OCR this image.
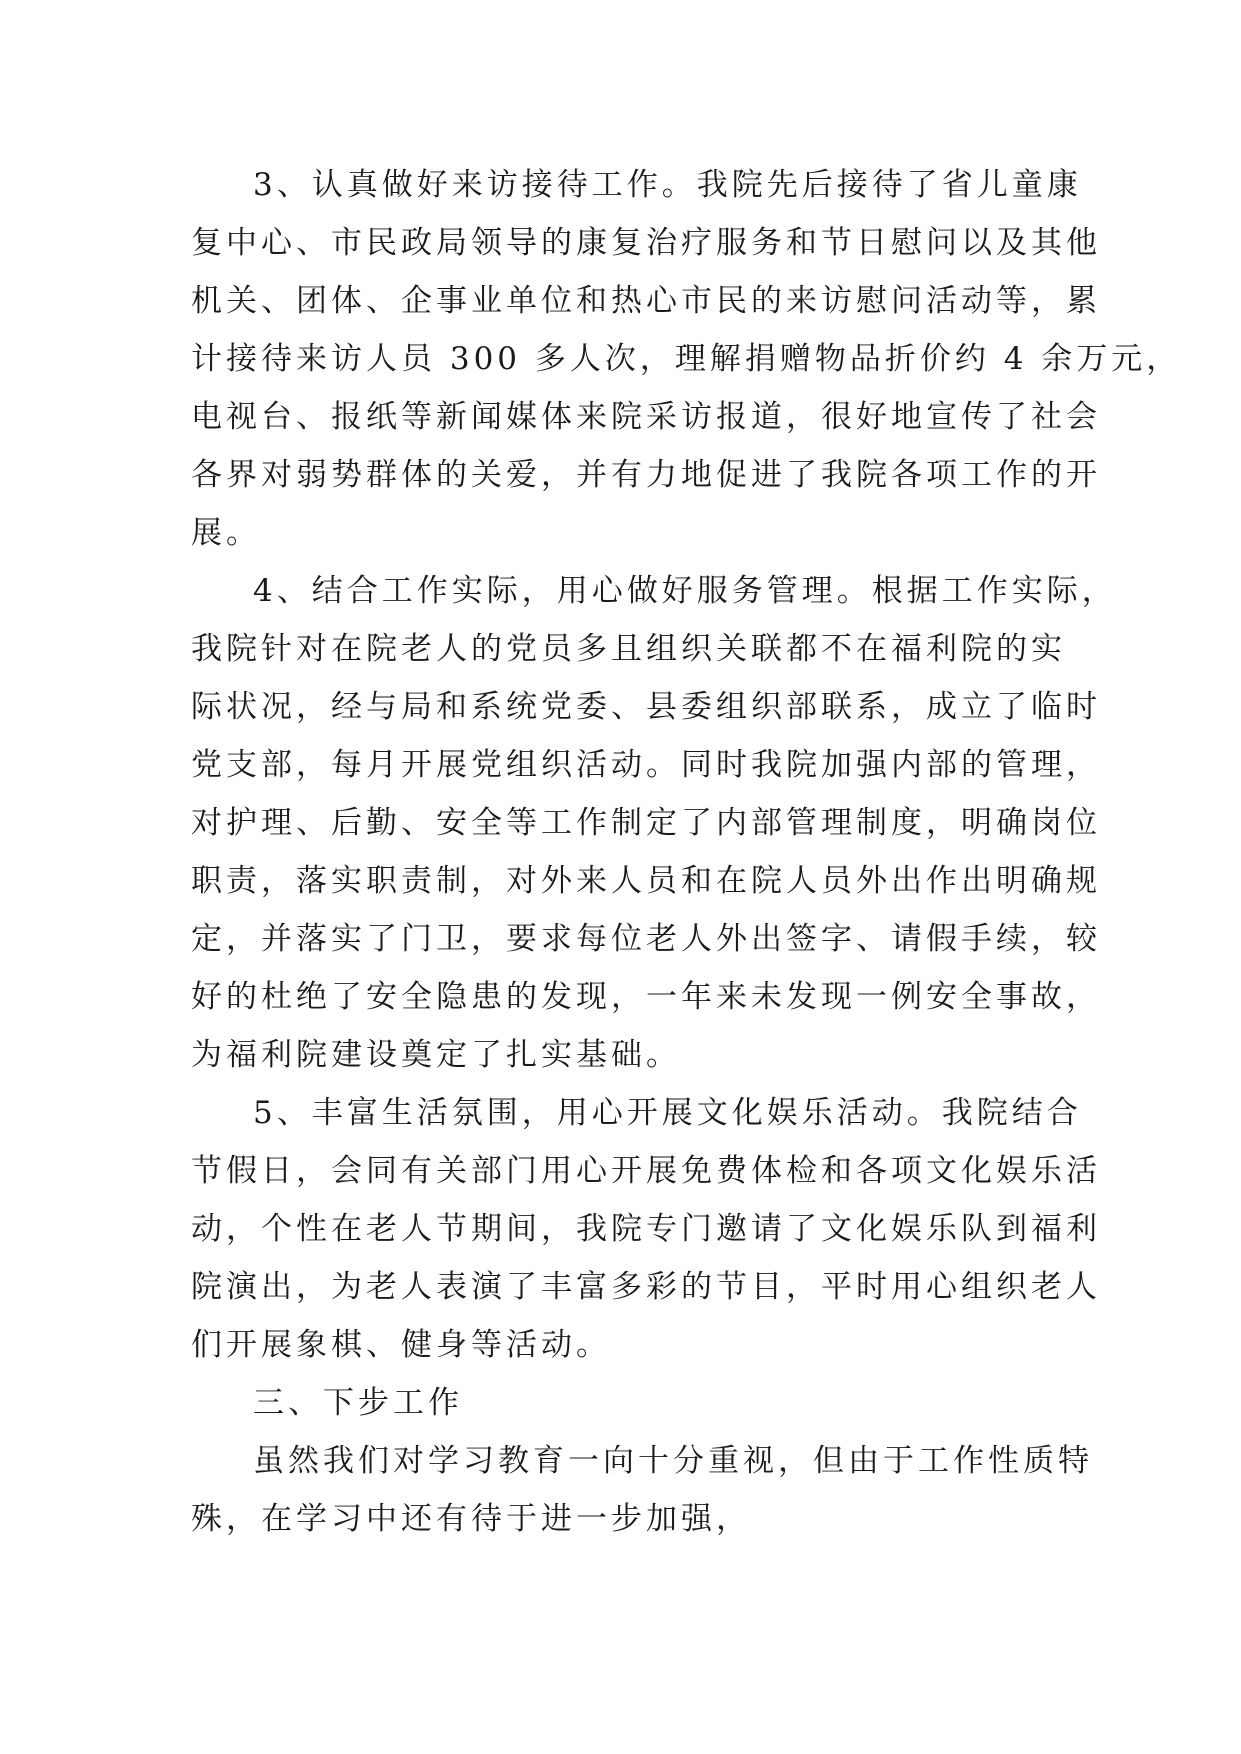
3、认真做好来访接待工作。我院先后接待了省儿童康
复中心、市民政局领导的康复治疗服务和节日慰问以及其他
机关、团体、企事业单位和热心市民的来访慰问活动等，累
计接待来访人员 300 多人次，理解捐赠物品折价约 4 余万元，
电视台、报纸等新闻媒体来院采访报道，很好地宣传了社会
各界对弱势群体的关爱，并有力地促进了我院各项工作的开
展。
4、结合工作实际，用心做好服务管理。根据工作实际，
我院针对在院老人的党员多且组织关联都不在福利院的实
际状况，经与局和系统党委、县委组织部联系，成立了临时
党支部，每月开展党组织活动。同时我院加强内部的管理，
对护理、后勤、安全等工作制定了内部管理制度，明确岗位
职责，落实职责制，对外来人员和在院人员外出作出明确规
定，并落实了门卫，要求每位老人外出签字、请假手续，较
好的杜绝了安全隐患的发现，一年来未发现一例安全事故，
为福利院建设奠定了扎实基础。
5、丰富生活氛围，用心开展文化娱乐活动。我院结合
节假日，会同有关部门用心开展免费体检和各项文化娱乐活
动，个性在老人节期间，我院专门邀请了文化娱乐队到福利
院演出，为老人表演了丰富多彩的节目，平时用心组织老人
们开展象棋、健身等活动。
三、下步工作
虽然我们对学习教育一向十分重视，但由于工作性质特
殊，在学习中还有待于进一步加强，
